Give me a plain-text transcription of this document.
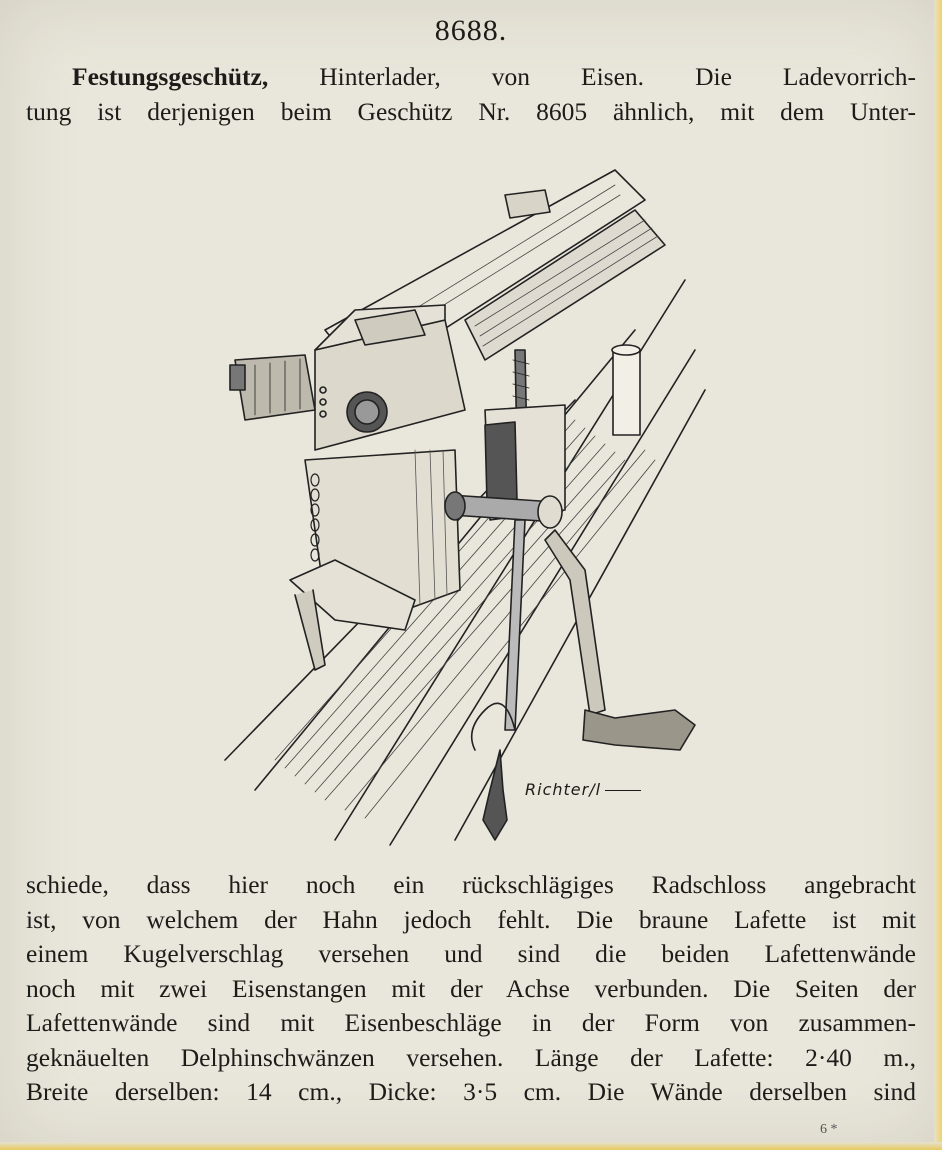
8688.
Festungsgeschütz, Hinterlader, von Eisen. Die Ladevorrich-
tung ist derjenigen beim Geschütz Nr. 8605 ähnlich, mit dem Unter-
Richter/l
schiede, dass hier noch ein rückschlägiges Radschloss angebracht
ist, von welchem der Hahn jedoch fehlt. Die braune Lafette ist mit
einem Kugelverschlag versehen und sind die beiden Lafettenwände
noch mit zwei Eisenstangen mit der Achse verbunden. Die Seiten der
Lafettenwände sind mit Eisenbeschläge in der Form von zusammen-
geknäuelten Delphinschwänzen versehen. Länge der Lafette: 2·40 m.,
Breite derselben: 14 cm., Dicke: 3·5 cm. Die Wände derselben sind
6 *
